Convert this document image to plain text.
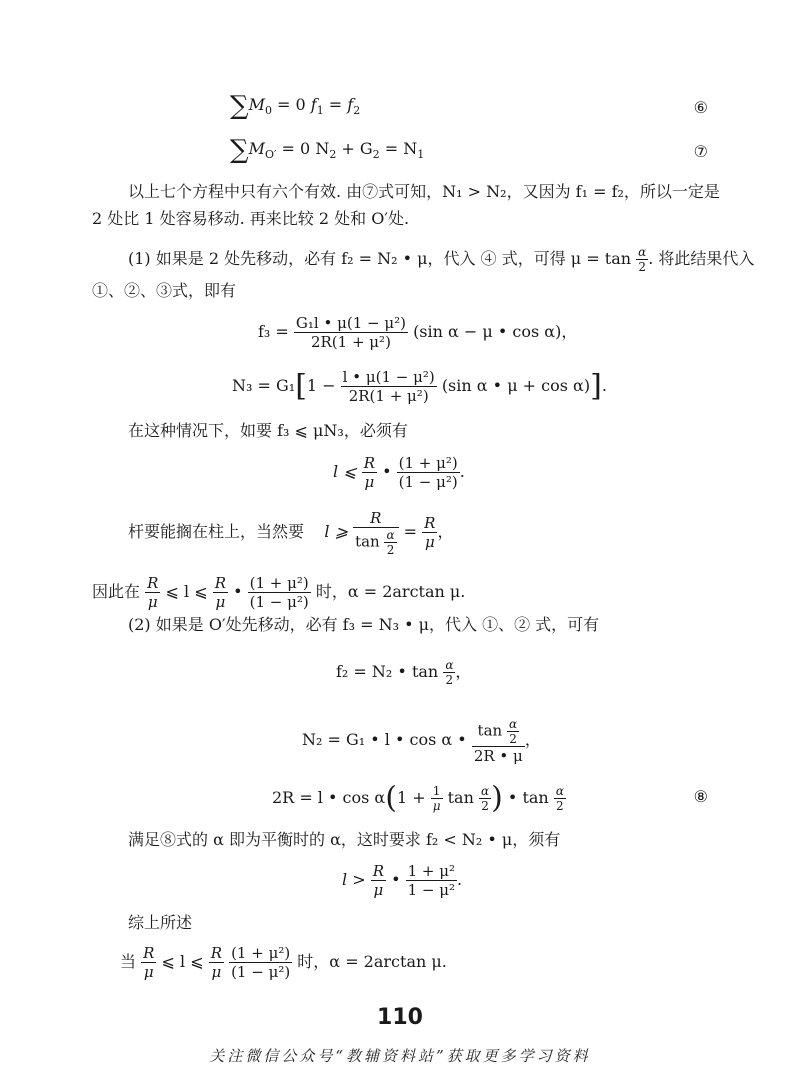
$\sum M_0 = 0$ $f_1 = f_2$	⑥
$\sum M_{O'} = 0$ $N_2 + G_2 = N_1$	⑦
以上七个方程中只有六个有效. 由⑦式可知，N₁ > N₂，又因为 f₁ = f₂，所以一定是
2 处比 1 处容易移动. 再来比较 2 处和 O′处.
(1) 如果是 2 处先移动，必有 f₂ = N₂ • μ，代入 ④ 式，可得 $\mu = \tan \frac{\alpha}{2}$ . 将此结果代入
①、②、③式，即有
$f_3 = \frac{\text{G₁l • μ(1 − μ²)}}{\text{2R(1 + μ²)}} (\sin$ α − μ • cos α)，
$N_3 = G_1[1 - \frac{\text{l • μ(1 − μ²)}}{\text{2R(1 + μ²)}} (\sin$ α • μ + cos α)].
在这种情况下，如要 f₃ ⩽ μN₃，必须有
l ⩽ $\frac{R}{\mu}$ • $\frac{\text{(1 + μ²)}}{\text{(1 − μ²)}}$ .
杆要能搁在柱上，当然要 l ⩾ $\frac{R}{\tan \frac{\alpha}{2}} = \frac{R}{\mu}$ ，
因此在 $\frac{R}{\mu}$ ⩽ l ⩽ $\frac{R}{\mu}$ • $\frac{\text{(1 + μ²)}}{\text{(1 − μ²)}}$ 时，α = 2arctan μ.
(2) 如果是 O′处先移动，必有 f₃ = N₃ • μ，代入 ①、② 式，可有
f₂ = N₂ • $\tan \frac{\alpha}{2}$ ，
N₂ = G₁ • l • cos α • $\frac{\tan \frac{\alpha}{2}}{2R • \mu}$ ，
2R = l • $\cos \alpha(1 + \frac{1}{\mu}$ $\tan \frac{\alpha}{2}$ ) • $\tan \frac{\alpha}{2}$	⑧
满足⑧式的 α 即为平衡时的 α，这时要求 f₂ < N₂ • μ，须有
$l > \frac{R}{\mu}$ • $\frac{\text{1 + μ²}}{\text{1 − μ²}}$ .
综上所述
当 $\frac{R}{\mu}$ ⩽ l ⩽ $\frac{R}{\mu}$
$\frac{\text{(1 + μ²)}}{\text{(1 − μ²)}}$ 时，α = 2arctan μ.
110
关注微信公众号“教辅资料站”获取更多学习资料
